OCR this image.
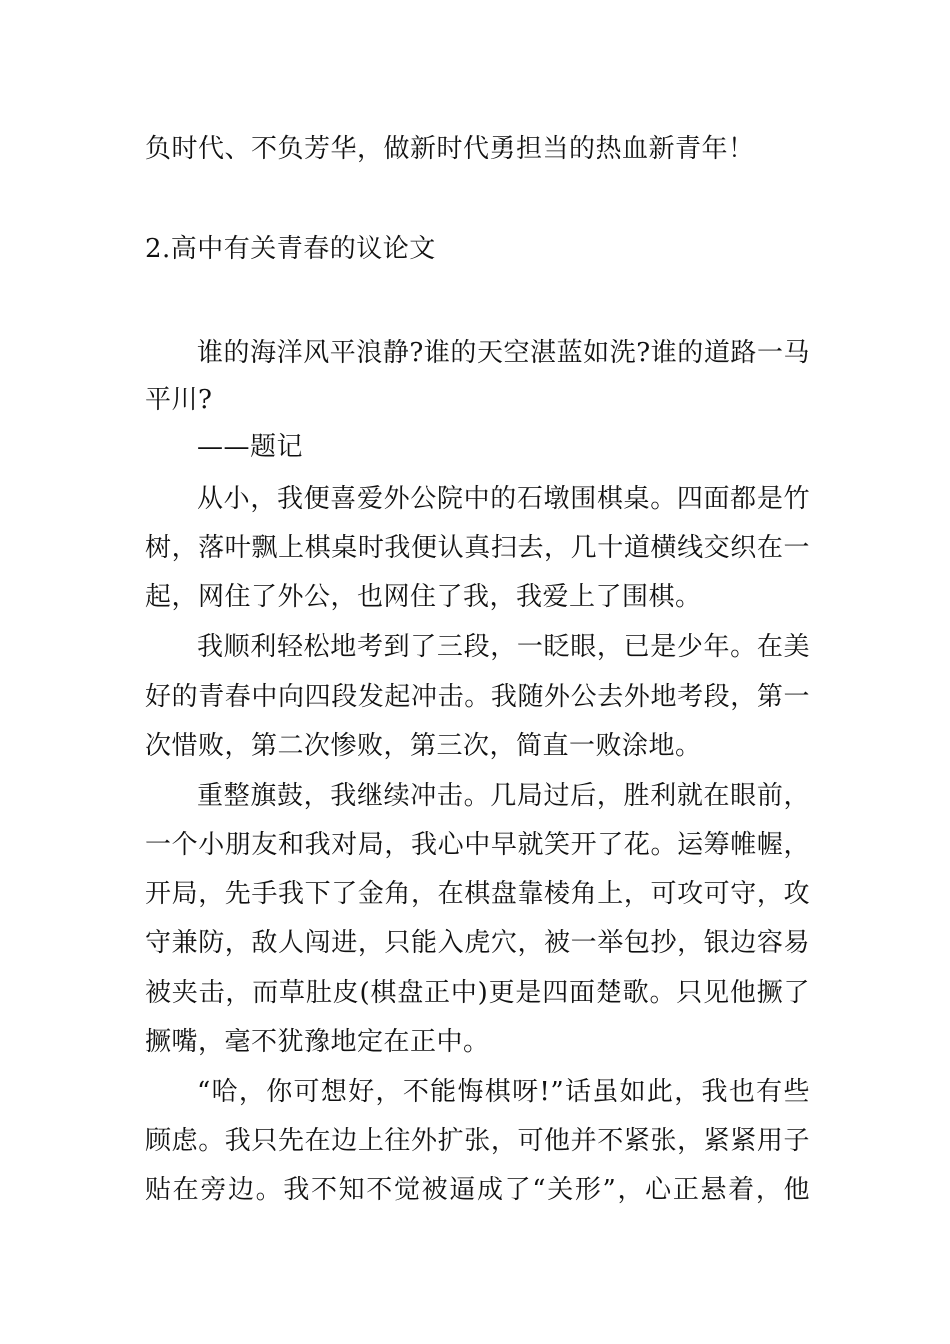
负时代、不负芳华，做新时代勇担当的热血新青年！
2.高中有关青春的议论文
谁的海洋风平浪静?谁的天空湛蓝如洗?谁的道路一马
平川?
——题记
从小，我便喜爱外公院中的石墩围棋桌。四面都是竹
树，落叶飘上棋桌时我便认真扫去，几十道横线交织在一
起，网住了外公，也网住了我，我爱上了围棋。
我顺利轻松地考到了三段，一眨眼，已是少年。在美
好的青春中向四段发起冲击。我随外公去外地考段，第一
次惜败，第二次惨败，第三次，简直一败涂地。
重整旗鼓，我继续冲击。几局过后，胜利就在眼前，
一个小朋友和我对局，我心中早就笑开了花。运筹帷幄，
开局，先手我下了金角，在棋盘靠棱角上，可攻可守，攻
守兼防，敌人闯进，只能入虎穴，被一举包抄，银边容易
被夹击，而草肚皮(棋盘正中)更是四面楚歌。只见他撅了
撅嘴，毫不犹豫地定在正中。
“哈，你可想好，不能悔棋呀!”话虽如此，我也有些
顾虑。我只先在边上往外扩张，可他并不紧张，紧紧用子
贴在旁边。我不知不觉被逼成了“关形”，心正悬着，他
